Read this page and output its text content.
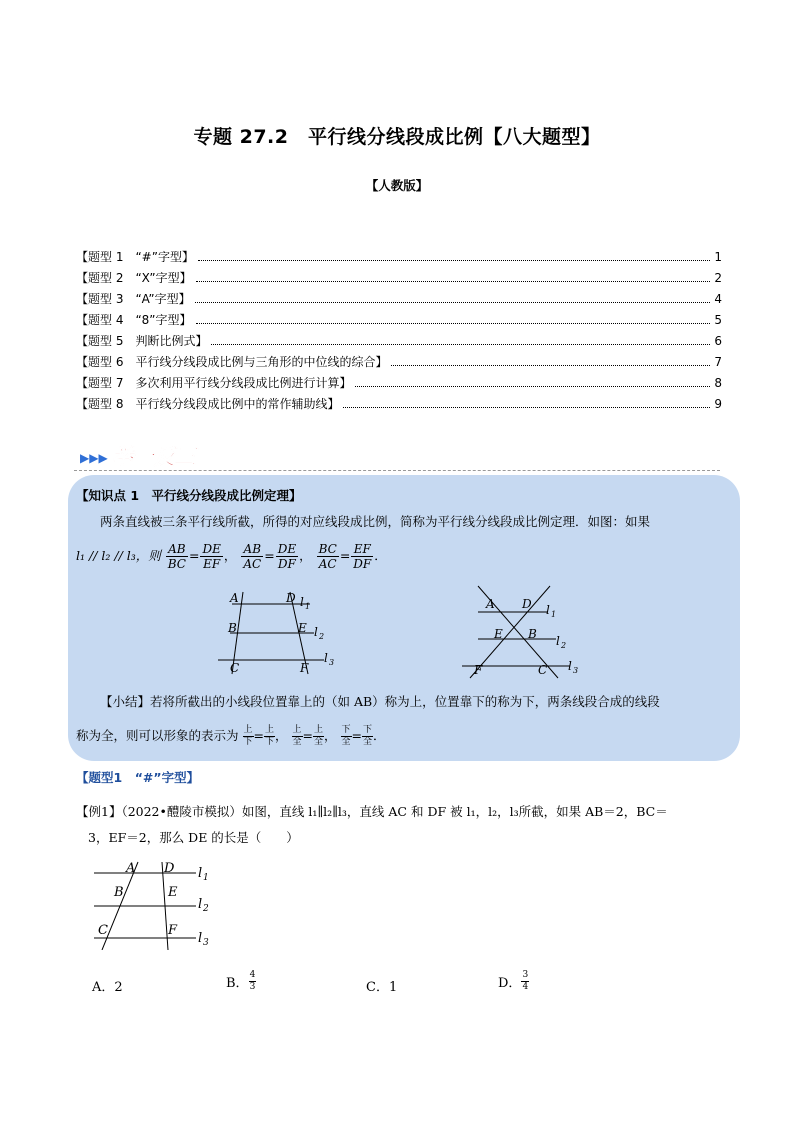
专题 27.2　平行线分线段成比例【八大题型】
【人教版】
【题型 1　“#”字型】	1
【题型 2　“X”字型】	2
【题型 3　“A”字型】	4
【题型 4　“8”字型】	5
【题型 5　判断比例式】	6
【题型 6　平行线分线段成比例与三角形的中位线的综合】	7
【题型 7　多次利用平行线分线段成比例进行计算】	8
【题型 8　平行线分线段成比例中的常作辅助线】	9
▶▶▶ 举一反三
【知识点 1　平行线分线段成比例定理】
两条直线被三条平行线所截，所得的对应线段成比例，简称为平行线分线段成比例定理．如图：如果
l₁ // l₂ // l₃，则 $\frac{AB}{BC} = \frac{DE}{EF}$ ， $\frac{AB}{AC} = \frac{DE}{DF}$ ， $\frac{BC}{AC} = \frac{EF}{DF}$ ．
A	D l 1
B	E l 2
C	F
l 3
A D l 1
E B l 2
F	C l 3
【小结】若将所截出的小线段位置靠上的（如 AB）称为上，位置靠下的称为下，两条线段合成的线段
称为全，则可以形象的表示为 上
下 = 上
下 ， 上
全 = 上
全 ， 下
全 = 下
全 ．
【题型1　“#”字型】
【例1】（2022•醴陵市模拟）如图，直线 l₁∥l₂∥l₃，直线 AC 和 DF 被 l₁，l₂，l₃所截，如果 AB＝2，BC＝
3，EF＝2，那么 DE 的长是（　　）
A D l 1
B	E
l 2
C	F
l 3
A．2	B． $\frac{4}{3}$	C．1	D． $\frac{3}{4}$
